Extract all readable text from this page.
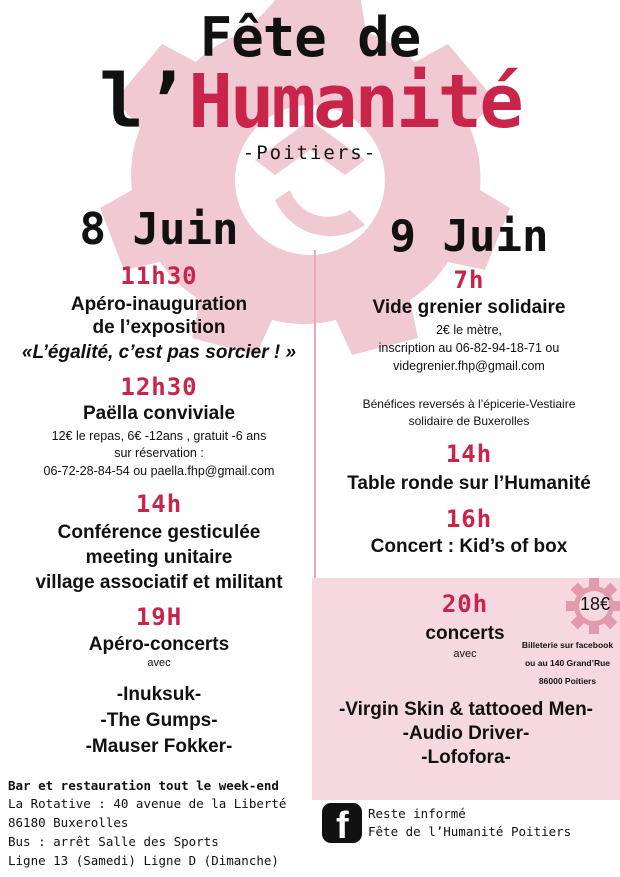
Fête de
l’Humanité
-Poitiers-
8 Juin
11h30
Apéro-inauguration
de l’exposition
«L’égalité, c’est pas sorcier ! »
12h30
Paëlla conviviale
12€ le repas, 6€ -12ans , gratuit -6 ans
sur réservation :
06-72-28-84-54 ou paella.fhp@gmail.com
14h
Conférence gesticulée
meeting unitaire
village associatif et militant
19H
Apéro-concerts
avec
-Inuksuk-
-The Gumps-
-Mauser Fokker-
9 Juin
7h
Vide grenier solidaire
2€ le mètre,
inscription au 06-82-94-18-71 ou
videgrenier.fhp@gmail.com
Bénéfices reversés à l’épicerie-Vestiaire
solidaire de Buxerolles
14h
Table ronde sur l’Humanité
16h
Concert : Kid’s of box
20h
concerts
avec
18€
Billeterie sur facebook
ou au 140 Grand’Rue
86000 Poitiers
-Virgin Skin & tattooed Men-
-Audio Driver-
-Lofofora-
Bar et restauration tout le week-end
La Rotative : 40 avenue de la Liberté
86180 Buxerolles
Bus : arrêt Salle des Sports
Ligne 13 (Samedi) Ligne D (Dimanche)
f Reste informé
Fête de l’Humanité Poitiers
